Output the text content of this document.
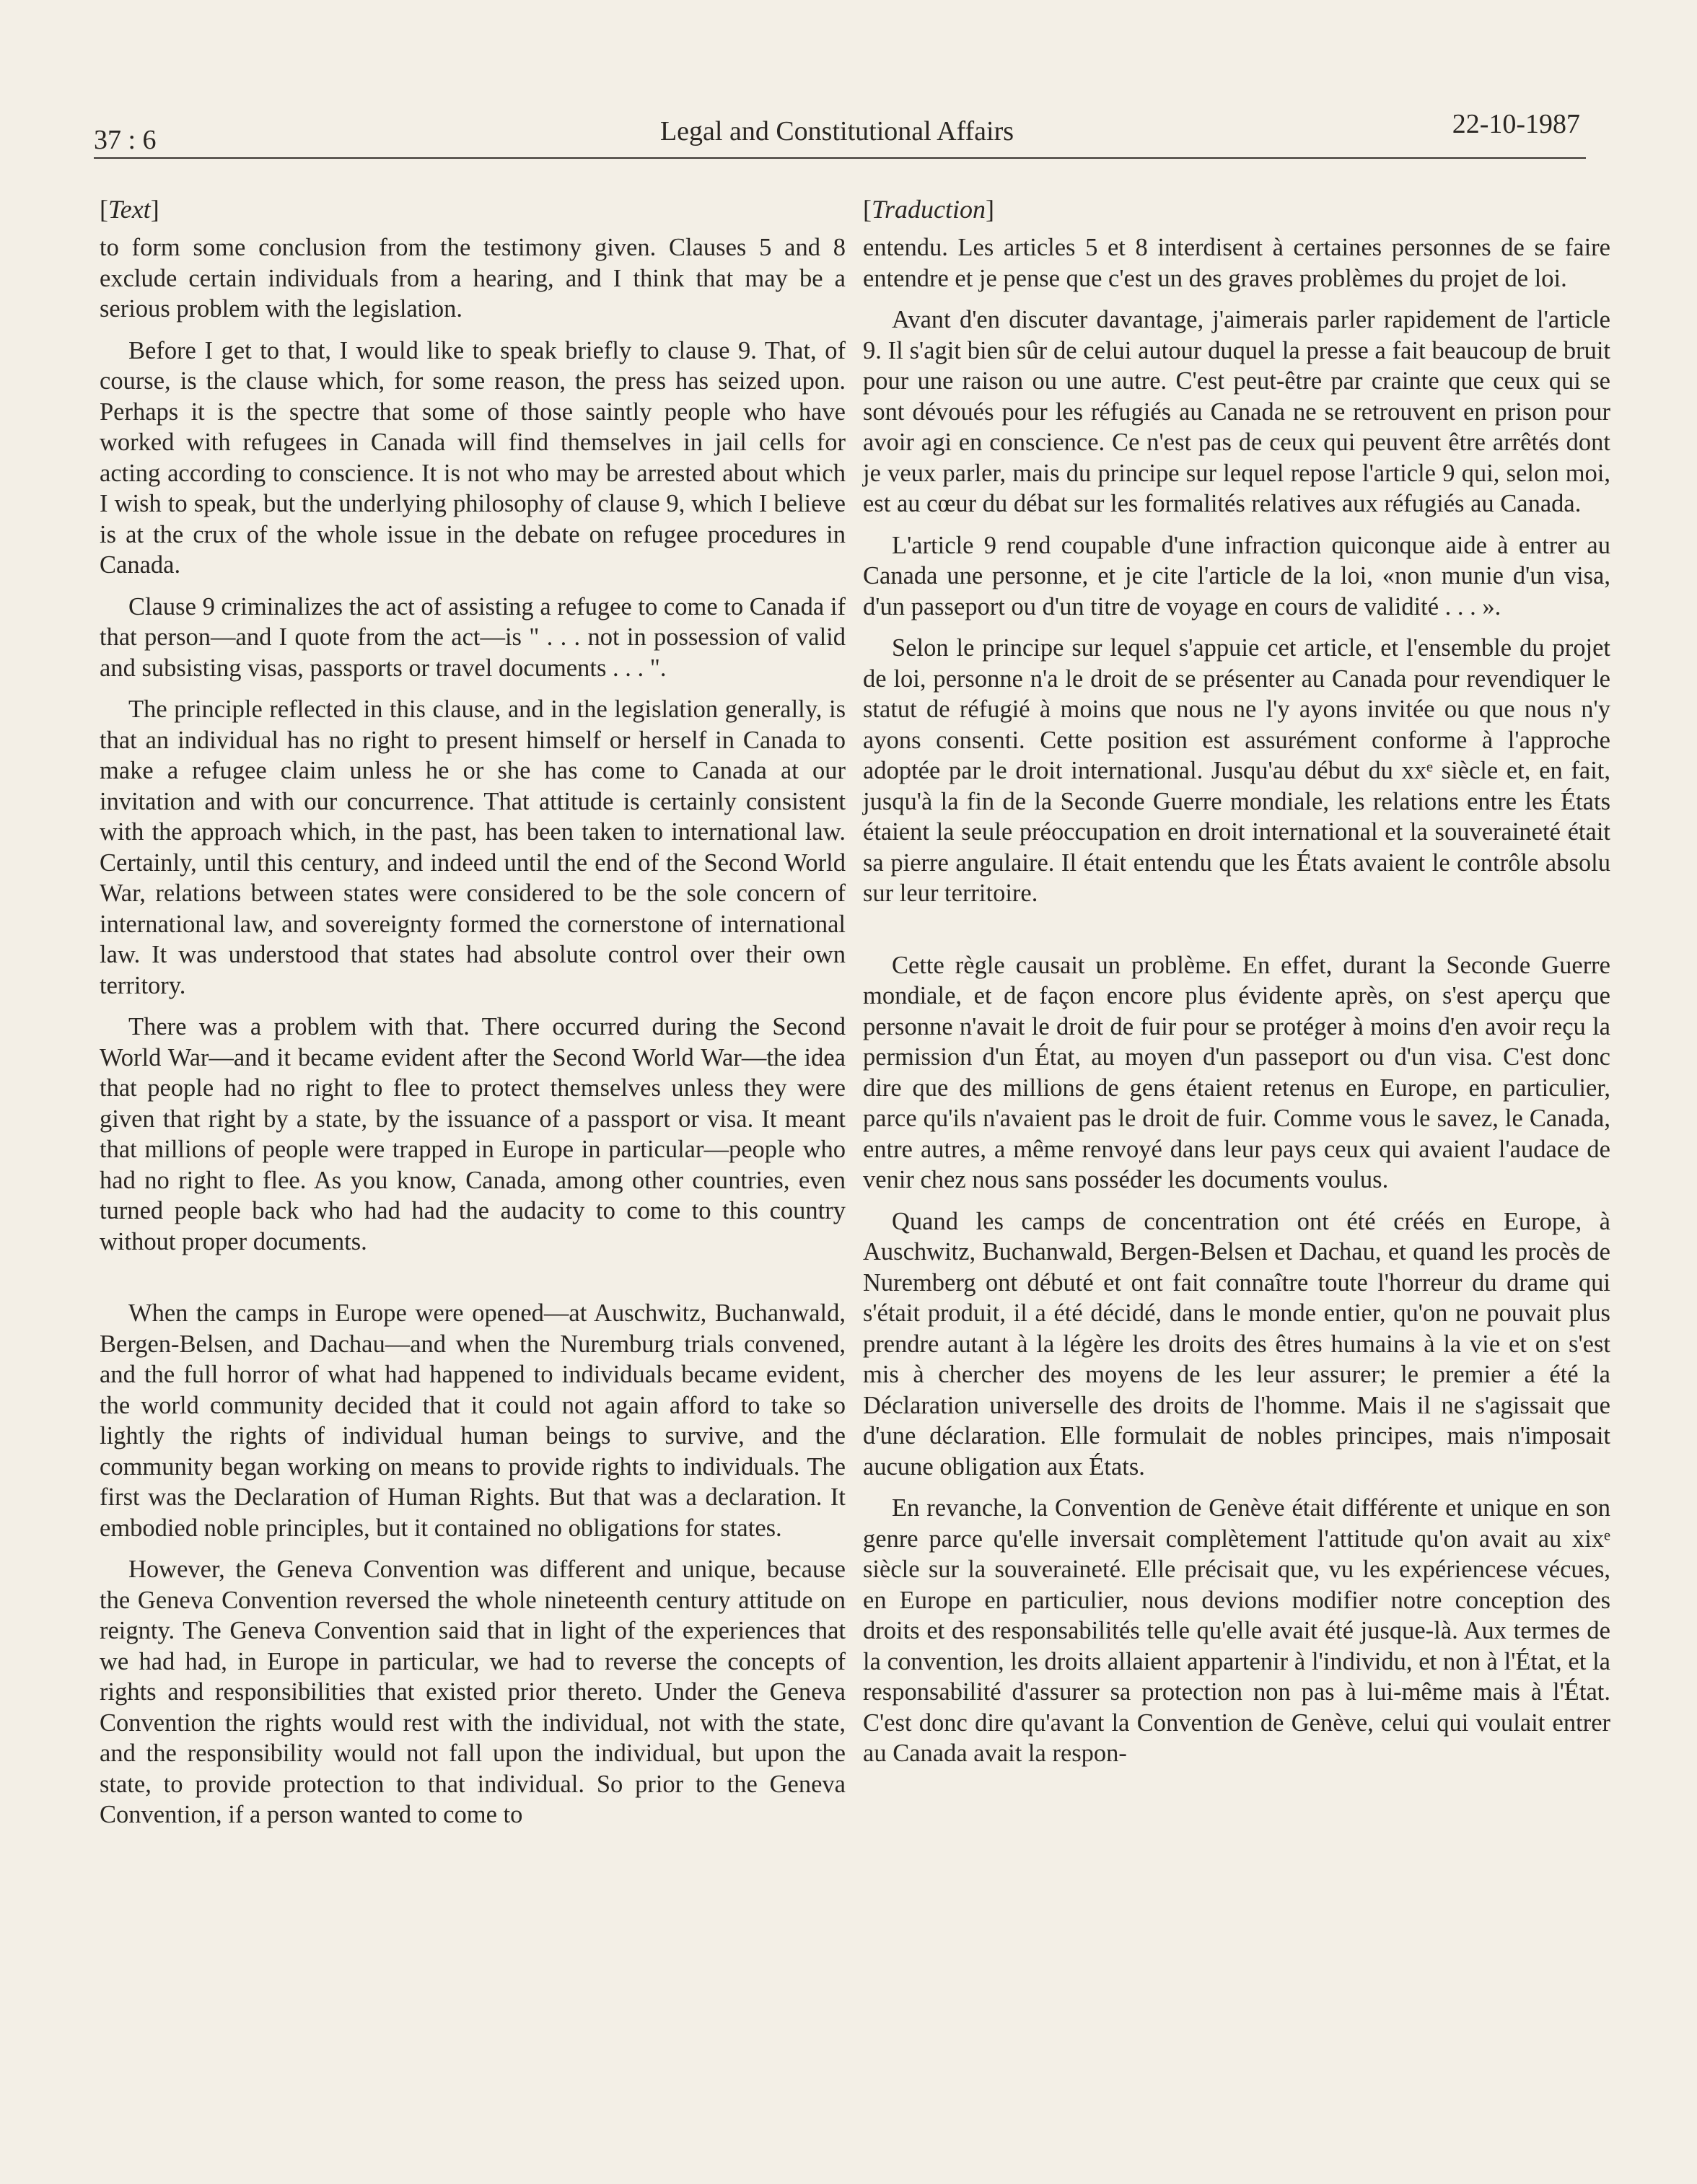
37 : 6	Legal and Constitutional Affairs	22-10-1987
[Text]

to form some conclusion from the testimony given. Clauses 5 and 8 exclude certain individuals from a hearing, and I think that may be a serious problem with the legislation.

Before I get to that, I would like to speak briefly to clause 9. That, of course, is the clause which, for some reason, the press has seized upon. Perhaps it is the spectre that some of those saintly people who have worked with refugees in Canada will find themselves in jail cells for acting according to conscience. It is not who may be arrested about which I wish to speak, but the underlying philosophy of clause 9, which I believe is at the crux of the whole issue in the debate on refugee procedures in Canada.

Clause 9 criminalizes the act of assisting a refugee to come to Canada if that person—and I quote from the act—is " . . . not in possession of valid and subsisting visas, passports or travel documents . . . ".

The principle reflected in this clause, and in the legislation generally, is that an individual has no right to present himself or herself in Canada to make a refugee claim unless he or she has come to Canada at our invitation and with our concurrence. That attitude is certainly consistent with the approach which, in the past, has been taken to international law. Certainly, until this century, and indeed until the end of the Second World War, relations between states were considered to be the sole concern of international law, and sovereignty formed the cornerstone of international law. It was understood that states had absolute control over their own territory.

There was a problem with that. There occurred during the Second World War—and it became evident after the Second World War—the idea that people had no right to flee to protect themselves unless they were given that right by a state, by the issuance of a passport or visa. It meant that millions of people were trapped in Europe in particular—people who had no right to flee. As you know, Canada, among other countries, even turned people back who had had the audacity to come to this country without proper documents.

When the camps in Europe were opened—at Auschwitz, Buchanwald, Bergen-Belsen, and Dachau—and when the Nuremburg trials convened, and the full horror of what had happened to individuals became evident, the world community decided that it could not again afford to take so lightly the rights of individual human beings to survive, and the community began working on means to provide rights to individuals. The first was the Declaration of Human Rights. But that was a declaration. It embodied noble principles, but it contained no obligations for states.

However, the Geneva Convention was different and unique, because the Geneva Convention reversed the whole nineteenth century attitude on reignty. The Geneva Convention said that in light of the experiences that we had had, in Europe in particular, we had to reverse the concepts of rights and responsibilities that existed prior thereto. Under the Geneva Convention the rights would rest with the individual, not with the state, and the responsibility would not fall upon the individual, but upon the state, to provide protection to that individual. So prior to the Geneva Convention, if a person wanted to come to

[Traduction]

entendu. Les articles 5 et 8 interdisent à certaines personnes de se faire entendre et je pense que c'est un des graves problèmes du projet de loi.

Avant d'en discuter davantage, j'aimerais parler rapidement de l'article 9. Il s'agit bien sûr de celui autour duquel la presse a fait beaucoup de bruit pour une raison ou une autre. C'est peut-être par crainte que ceux qui se sont dévoués pour les réfugiés au Canada ne se retrouvent en prison pour avoir agi en conscience. Ce n'est pas de ceux qui peuvent être arrêtés dont je veux parler, mais du principe sur lequel repose l'article 9 qui, selon moi, est au cœur du débat sur les formalités relatives aux réfugiés au Canada.

L'article 9 rend coupable d'une infraction quiconque aide à entrer au Canada une personne, et je cite l'article de la loi, «non munie d'un visa, d'un passeport ou d'un titre de voyage en cours de validité . . . ».

Selon le principe sur lequel s'appuie cet article, et l'ensemble du projet de loi, personne n'a le droit de se présenter au Canada pour revendiquer le statut de réfugié à moins que nous ne l'y ayons invitée ou que nous n'y ayons consenti. Cette position est assurément conforme à l'approche adoptée par le droit international. Jusqu'au début du xxᵉ siècle et, en fait, jusqu'à la fin de la Seconde Guerre mondiale, les relations entre les États étaient la seule préoccupation en droit international et la souveraineté était sa pierre angulaire. Il était entendu que les États avaient le contrôle absolu sur leur territoire.

Cette règle causait un problème. En effet, durant la Seconde Guerre mondiale, et de façon encore plus évidente après, on s'est aperçu que personne n'avait le droit de fuir pour se protéger à moins d'en avoir reçu la permission d'un État, au moyen d'un passeport ou d'un visa. C'est donc dire que des millions de gens étaient retenus en Europe, en particulier, parce qu'ils n'avaient pas le droit de fuir. Comme vous le savez, le Canada, entre autres, a même renvoyé dans leur pays ceux qui avaient l'audace de venir chez nous sans posséder les documents voulus.

Quand les camps de concentration ont été créés en Europe, à Auschwitz, Buchanwald, Bergen-Belsen et Dachau, et quand les procès de Nuremberg ont débuté et ont fait connaître toute l'horreur du drame qui s'était produit, il a été décidé, dans le monde entier, qu'on ne pouvait plus prendre autant à la légère les droits des êtres humains à la vie et on s'est mis à chercher des moyens de les leur assurer; le premier a été la Déclaration universelle des droits de l'homme. Mais il ne s'agissait que d'une déclaration. Elle formulait de nobles principes, mais n'imposait aucune obligation aux États.

En revanche, la Convention de Genève était différente et unique en son genre parce qu'elle inversait complètement l'attitude qu'on avait au xixᵉ siècle sur la souveraineté. Elle précisait que, vu les expériencese vécues, en Europe en particulier, nous devions modifier notre conception des droits et des responsabilités telle qu'elle avait été jusque-là. Aux termes de la convention, les droits allaient appartenir à l'individu, et non à l'État, et la responsabilité d'assurer sa protection non pas à lui-même mais à l'État. C'est donc dire qu'avant la Convention de Genève, celui qui voulait entrer au Canada avait la respon-
